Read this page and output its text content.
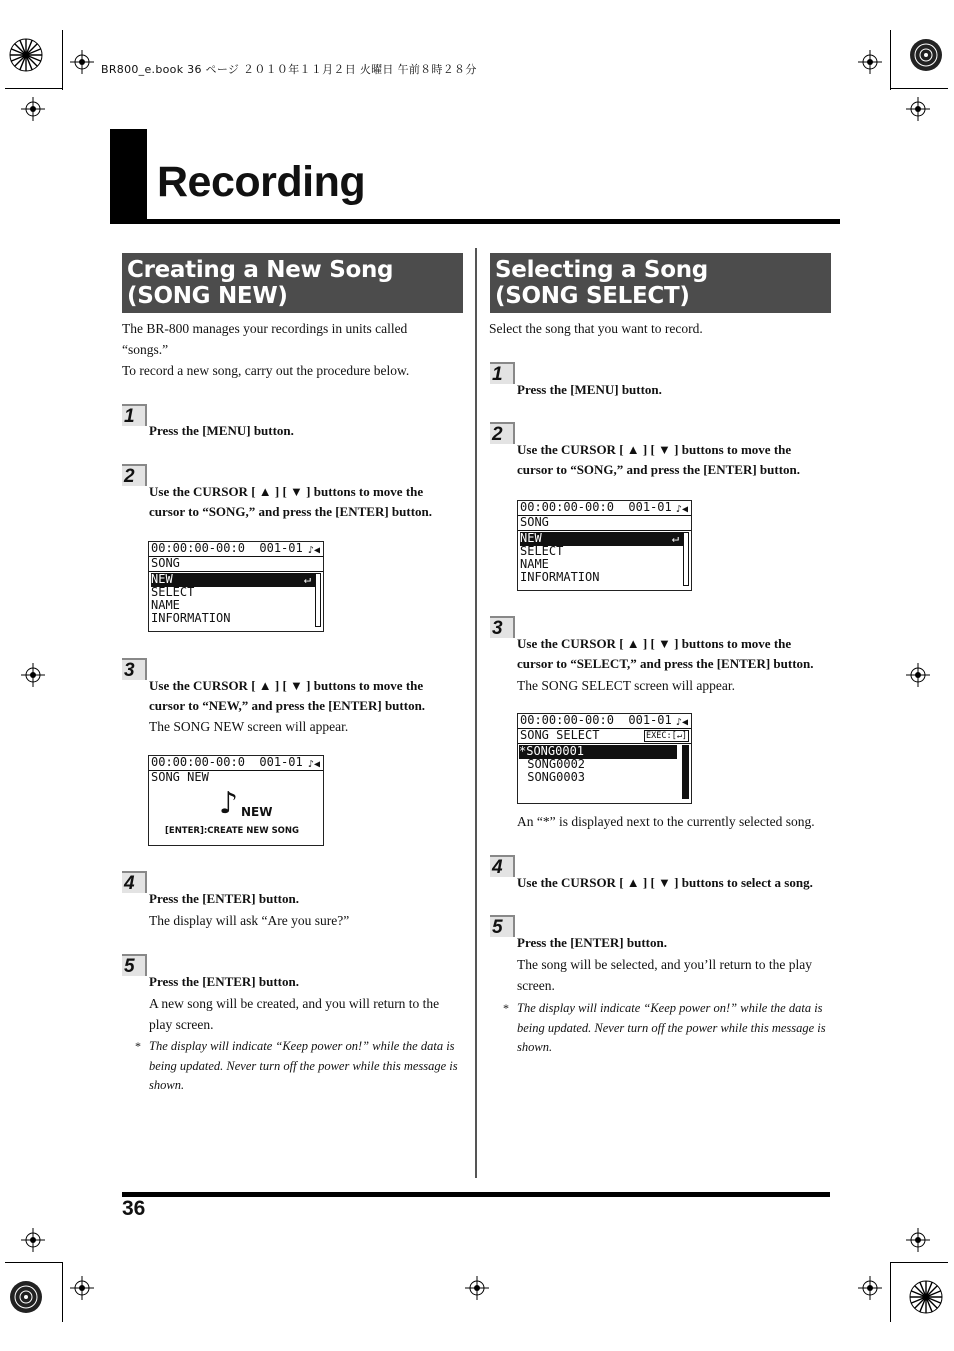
BR800_e.book 36 ページ ２０１０年１１月２日 火曜日 午前８時２８分
Recording
Creating a New Song
(SONG NEW)
The BR-800 manages your recordings in units called “songs.”
To record a new song, carry out the procedure below.
1
Press the [MENU] button.
2
Use the CURSOR [ ▲ ] [ ▼ ] buttons to move the cursor to “SONG,” and press the [ENTER] button.
00:00:00-00:0  001-01 ♪◀
SONG
NEW	↵
SELECT
NAME
INFORMATION
3
Use the CURSOR [ ▲ ] [ ▼ ] buttons to move the cursor to “NEW,” and press the [ENTER] button.
The SONG NEW screen will appear.
00:00:00-00:0  001-01 ♪◀
SONG NEW
♪ NEW
[ENTER]:CREATE NEW SONG
4
Press the [ENTER] button.
The display will ask “Are you sure?”
5
Press the [ENTER] button.
A new song will be created, and you will return to the play screen.
* The display will indicate “Keep power on!” while the data is being updated. Never turn off the power while this message is shown.
Selecting a Song
(SONG SELECT)
Select the song that you want to record.
1
Press the [MENU] button.
2
Use the CURSOR [ ▲ ] [ ▼ ] buttons to move the cursor to “SONG,” and press the [ENTER] button.
00:00:00-00:0  001-01 ♪◀
SONG
NEW	↵
SELECT
NAME
INFORMATION
3
Use the CURSOR [ ▲ ] [ ▼ ] buttons to move the cursor to “SELECT,” and press the [ENTER] button.
The SONG SELECT screen will appear.
00:00:00-00:0  001-01 ♪◀
SONG SELECT	EXEC:[↵]
*SONG0001
SONG0002
SONG0003
An “*” is displayed next to the currently selected song.
4
Use the CURSOR [ ▲ ] [ ▼ ] buttons to select a song.
5
Press the [ENTER] button.
The song will be selected, and you’ll return to the play screen.
* The display will indicate “Keep power on!” while the data is being updated. Never turn off the power while this message is shown.
36
